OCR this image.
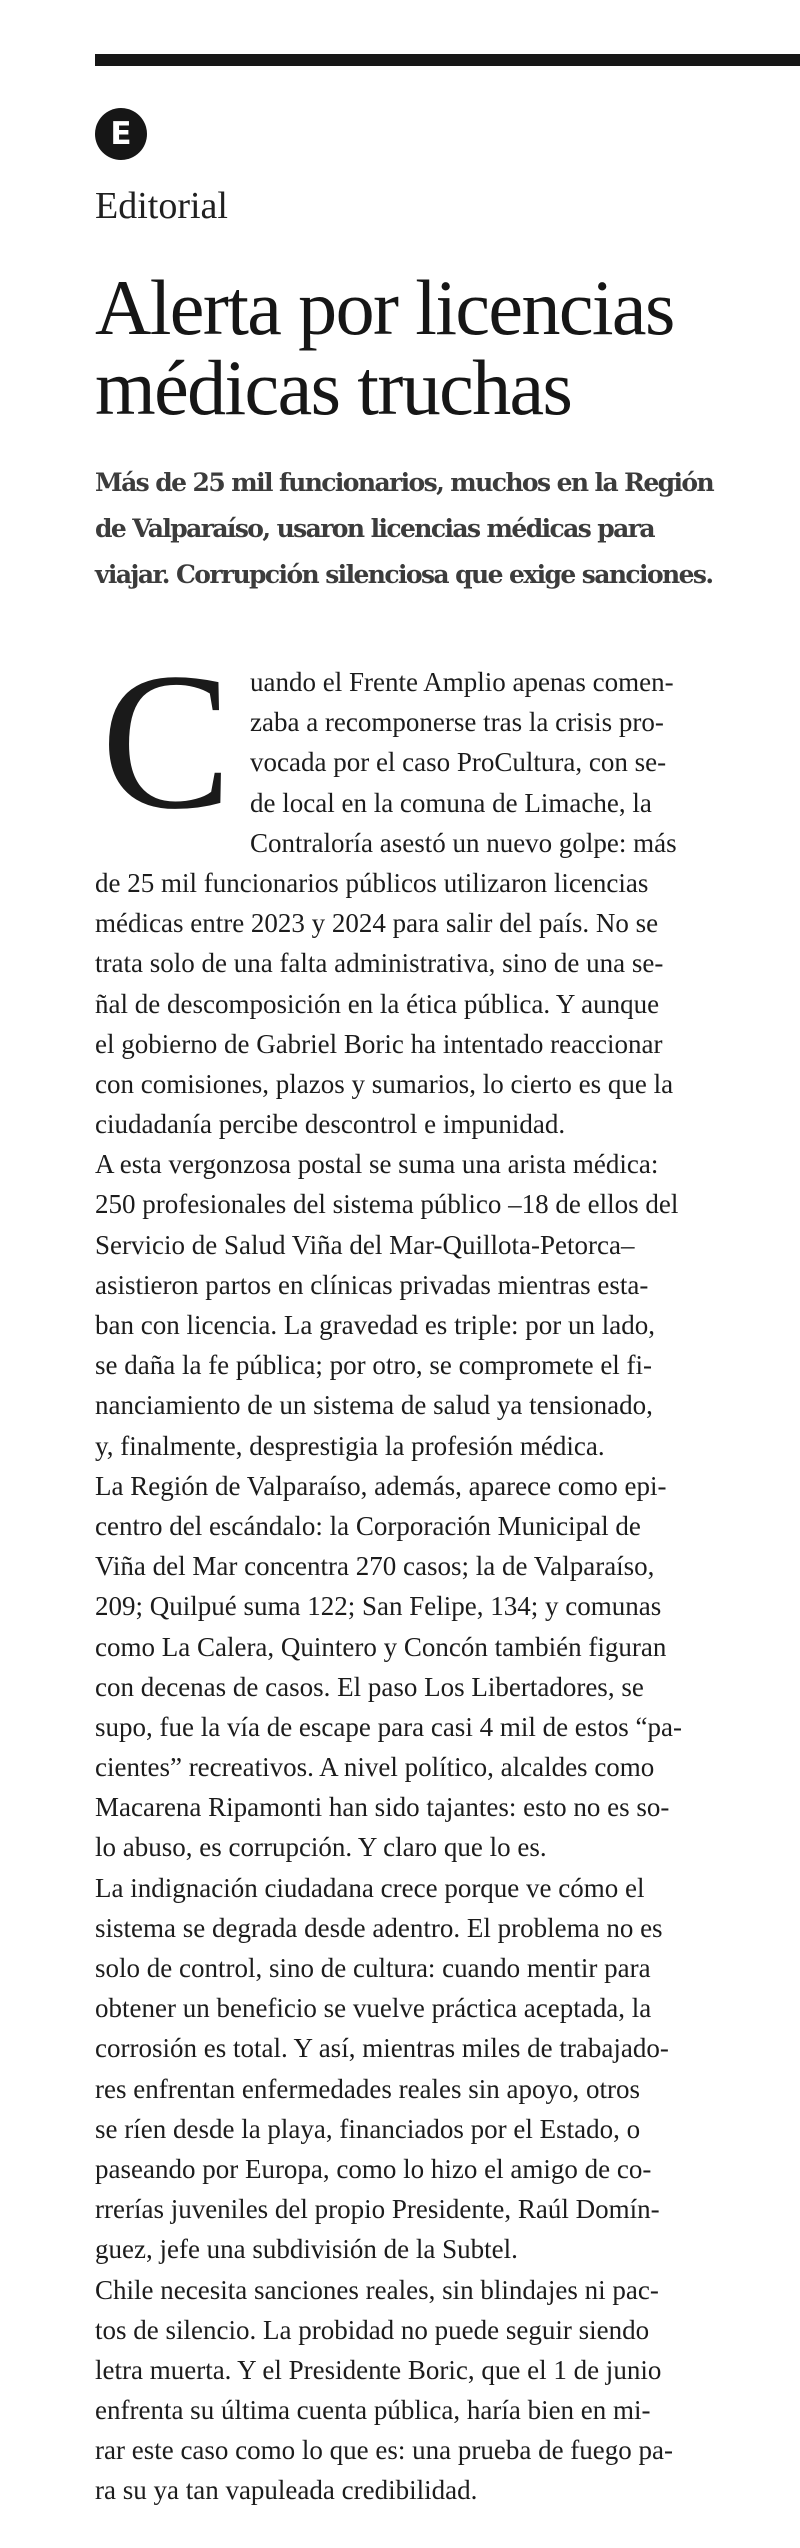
E
Editorial
Alerta por licencias
médicas truchas

Más de 25 mil funcionarios, muchos en la Región
de Valparaíso, usaron licencias médicas para
viajar. Corrupción silenciosa que exige sanciones.

C uando el Frente Amplio apenas comen-
zaba a recomponerse tras la crisis pro-
vocada por el caso ProCultura, con se-
de local en la comuna de Limache, la
Contraloría asestó un nuevo golpe: más
de 25 mil funcionarios públicos utilizaron licencias
médicas entre 2023 y 2024 para salir del país. No se
trata solo de una falta administrativa, sino de una se-
ñal de descomposición en la ética pública. Y aunque
el gobierno de Gabriel Boric ha intentado reaccionar
con comisiones, plazos y sumarios, lo cierto es que la
ciudadanía percibe descontrol e impunidad.
A esta vergonzosa postal se suma una arista médica:
250 profesionales del sistema público –18 de ellos del
Servicio de Salud Viña del Mar-Quillota-Petorca–
asistieron partos en clínicas privadas mientras esta-
ban con licencia. La gravedad es triple: por un lado,
se daña la fe pública; por otro, se compromete el fi-
nanciamiento de un sistema de salud ya tensionado,
y, finalmente, desprestigia la profesión médica.
La Región de Valparaíso, además, aparece como epi-
centro del escándalo: la Corporación Municipal de
Viña del Mar concentra 270 casos; la de Valparaíso,
209; Quilpué suma 122; San Felipe, 134; y comunas
como La Calera, Quintero y Concón también figuran
con decenas de casos. El paso Los Libertadores, se
supo, fue la vía de escape para casi 4 mil de estos “pa-
cientes” recreativos. A nivel político, alcaldes como
Macarena Ripamonti han sido tajantes: esto no es so-
lo abuso, es corrupción. Y claro que lo es.
La indignación ciudadana crece porque ve cómo el
sistema se degrada desde adentro. El problema no es
solo de control, sino de cultura: cuando mentir para
obtener un beneficio se vuelve práctica aceptada, la
corrosión es total. Y así, mientras miles de trabajado-
res enfrentan enfermedades reales sin apoyo, otros
se ríen desde la playa, financiados por el Estado, o
paseando por Europa, como lo hizo el amigo de co-
rrerías juveniles del propio Presidente, Raúl Domín-
guez, jefe una subdivisión de la Subtel.
Chile necesita sanciones reales, sin blindajes ni pac-
tos de silencio. La probidad no puede seguir siendo
letra muerta. Y el Presidente Boric, que el 1 de junio
enfrenta su última cuenta pública, haría bien en mi-
rar este caso como lo que es: una prueba de fuego pa-
ra su ya tan vapuleada credibilidad.
